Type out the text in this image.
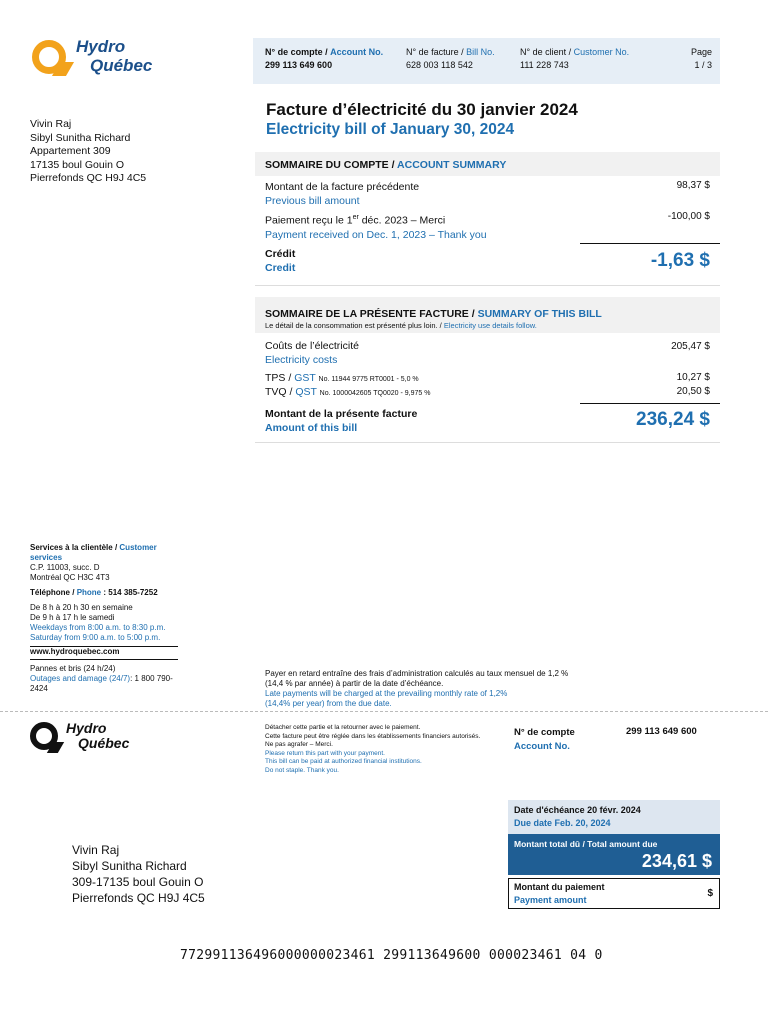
Hydro
Québec
N° de compte / Account No.
299 113 649 600
N° de facture / Bill No.
628 003 118 542
N° de client / Customer No.
111 228 743
Page
1 / 3
Vivin Raj
Sibyl Sunitha Richard
Appartement 309
17135 boul Gouin O
Pierrefonds QC H9J 4C5
Facture d’électricité du 30 janvier 2024
Electricity bill of January 30, 2024
SOMMAIRE DU COMPTE / ACCOUNT SUMMARY
Montant de la facture précédente
Previous bill amount
98,37 $
Paiement reçu le 1er déc. 2023 – Merci
Payment received on Dec. 1, 2023 – Thank you
-100,00 $
Crédit
Credit	-1,63 $
SOMMAIRE DE LA PRÉSENTE FACTURE / SUMMARY OF THIS BILL
Le détail de la consommation est présenté plus loin. / Electricity use details follow.
Coûts de l’électricité
Electricity costs
205,47 $
TPS / GST No. 11944 9775 RT0001 - 5,0 %	10,27 $
TVQ / QST No. 1000042605 TQ0020 - 9,975 %	20,50 $
Montant de la présente facture
Amount of this bill	236,24 $
Services à la clientèle / Customer services
C.P. 11003, succ. D
Montréal QC H3C 4T3
Téléphone / Phone : 514 385-7252
De 8 h à 20 h 30 en semaine
De 9 h à 17 h le samedi
Weekdays from 8:00 a.m. to 8:30 p.m.
Saturday from 9:00 a.m. to 5:00 p.m.
www.hydroquebec.com
Pannes et bris (24 h/24)
Outages and damage (24/7): 1 800 790-2424
Payer en retard entraîne des frais d’administration calculés au taux mensuel de 1,2 %
(14,4 % par année) à partir de la date d’échéance.
Late payments will be charged at the prevailing monthly rate of 1,2%
(14,4% per year) from the due date.
Hydro
Québec
Détacher cette partie et la retourner avec le paiement.
Cette facture peut être réglée dans les établissements financiers autorisés.
Ne pas agrafer – Merci.
Please return this part with your payment.
This bill can be paid at authorized financial institutions.
Do not staple. Thank you.
N° de compte
Account No.
299 113 649 600
Date d'échéance 20 févr. 2024
Due date Feb. 20, 2024
Montant total dû / Total amount due
234,61 $
Montant du paiement
Payment amount
$
Vivin Raj
Sibyl Sunitha Richard
309-17135 boul Gouin O
Pierrefonds QC H9J 4C5
772991136496000000023461 299113649600 000023461 04 0
